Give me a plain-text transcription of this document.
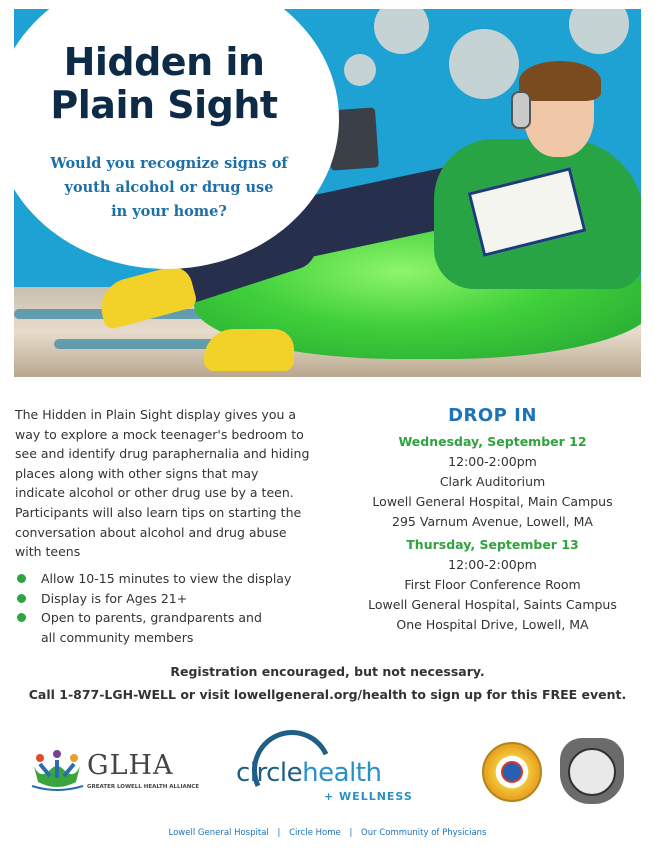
Hidden in
Plain Sight

Would you recognize signs of
youth alcohol or drug use
in your home?

The Hidden in Plain Sight display gives you a
way to explore a mock teenager's bedroom to
see and identify drug paraphernalia and hiding
places along with other signs that may
indicate alcohol or other drug use by a teen.
Participants will also learn tips on starting the
conversation about alcohol and drug abuse
with teens

Allow 10-15 minutes to view the display
Display is for Ages 21+
Open to parents, grandparents and
all community members
DROP IN
Wednesday, September 12
12:00-2:00pm
Clark Auditorium
Lowell General Hospital, Main Campus
295 Varnum Avenue, Lowell, MA
Thursday, September 13
12:00-2:00pm
First Floor Conference Room
Lowell General Hospital, Saints Campus
One Hospital Drive, Lowell, MA

Registration encouraged, but not necessary.

Call 1-877-LGH-WELL or visit lowellgeneral.org/health to sign up for this FREE event.

GLHA
GREATER LOWELL HEALTH ALLIANCE circlehealth
+ WELLNESS

Lowell General Hospital | Circle Home | Our Community of Physicians
